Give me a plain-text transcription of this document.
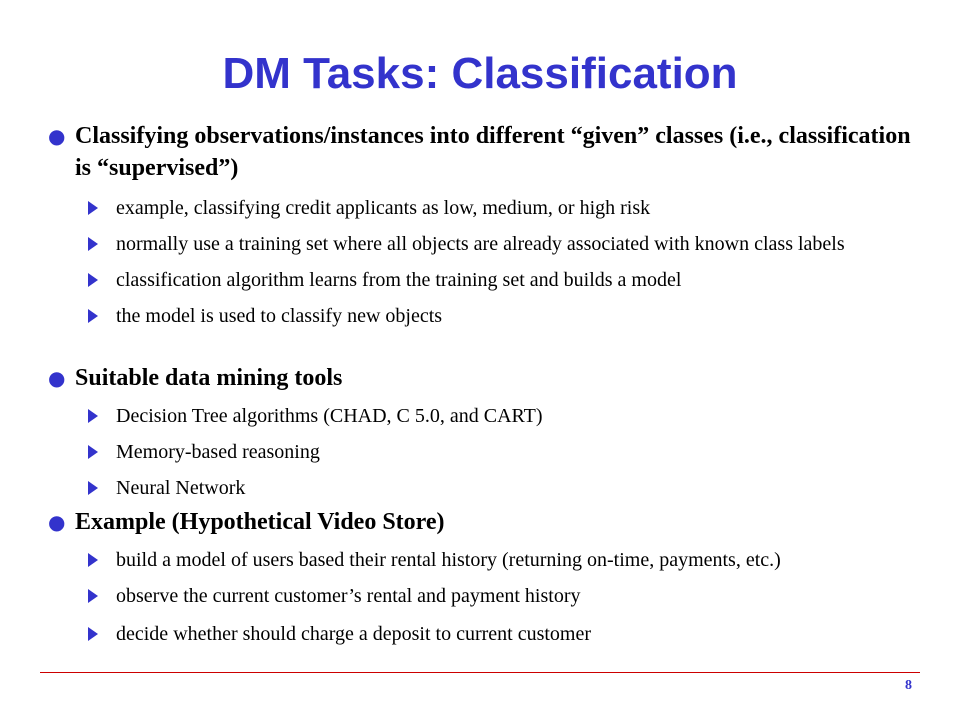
DM Tasks: Classification
● Classifying observations/instances into different “given” classes (i.e., classification is “supervised”)
example, classifying credit applicants as low, medium, or high risk
normally use a training set where all objects are already associated with known class labels
classification algorithm learns from the training set and builds a model
the model is used to classify new objects
● Suitable data mining tools
Decision Tree algorithms (CHAD, C 5.0, and CART)
Memory-based reasoning
Neural Network
● Example (Hypothetical Video Store)
build a model of users based their rental history (returning on-time, payments, etc.)
observe the current customer’s rental and payment history
decide whether should charge a deposit to current customer
8
